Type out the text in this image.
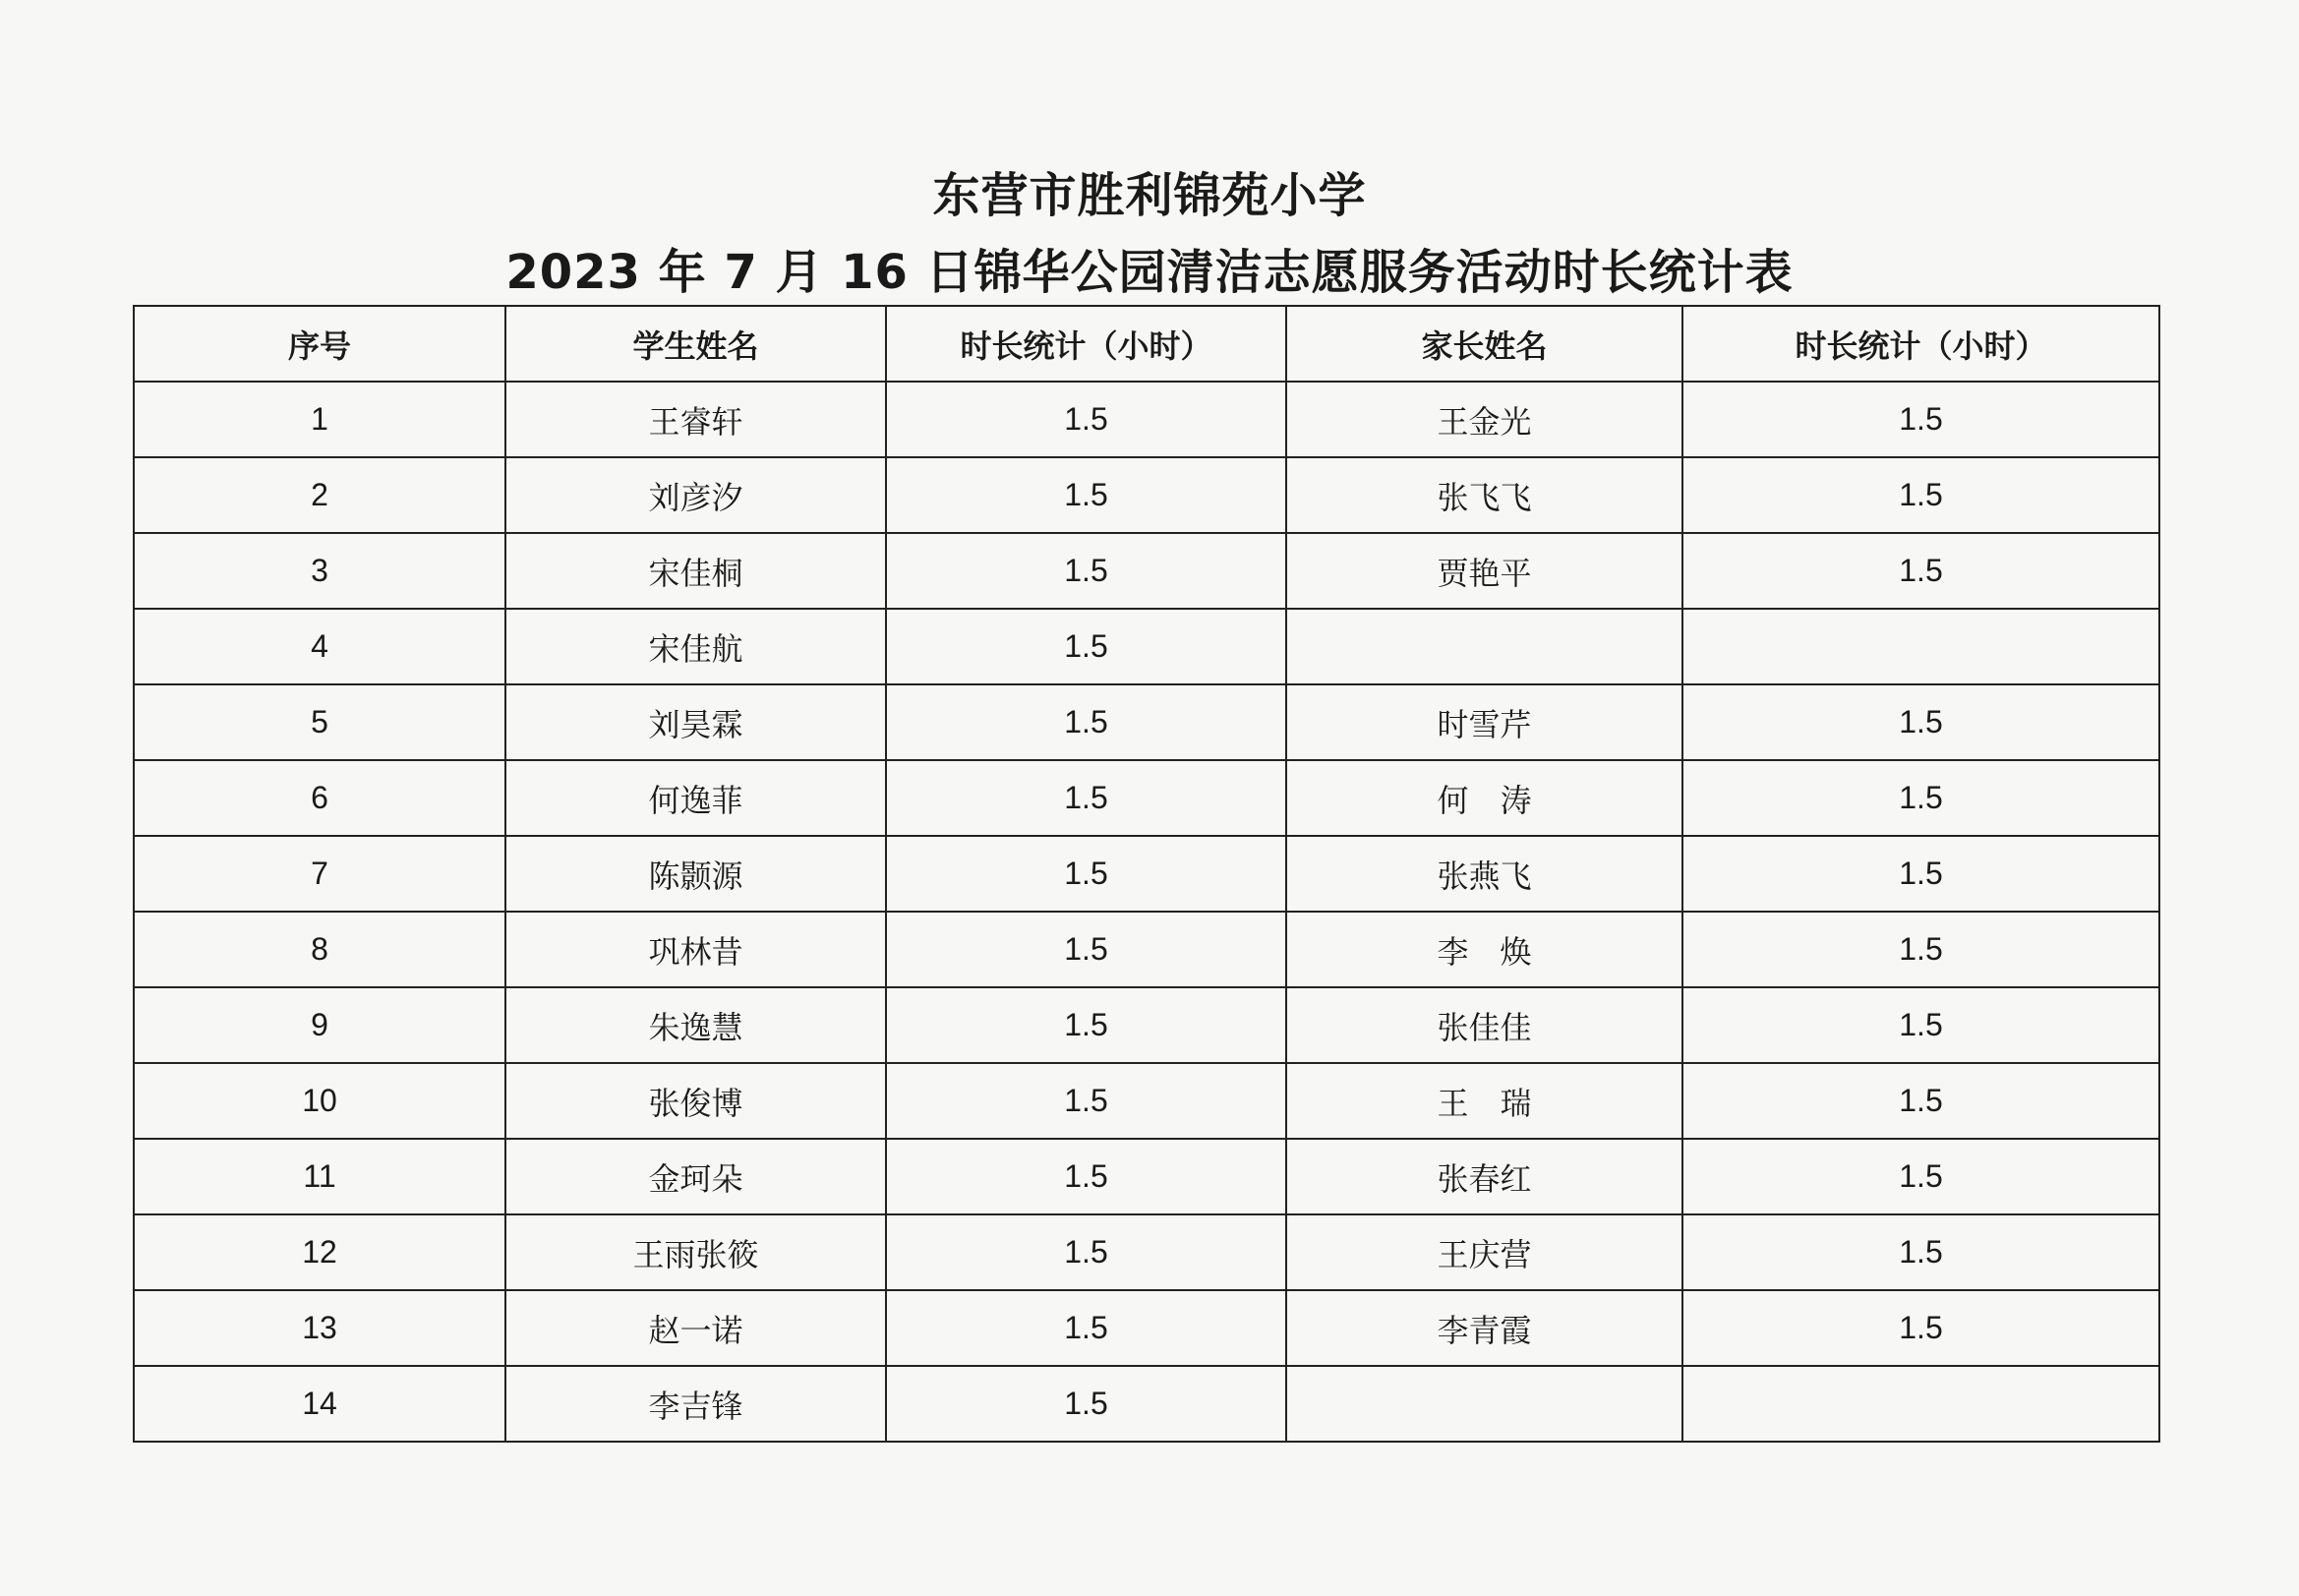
东营市胜利锦苑小学
2023 年 7 月 16 日锦华公园清洁志愿服务活动时长统计表
序号	学生姓名	时长统计（小时）	家长姓名	时长统计（小时）
1	王睿轩	1.5	王金光	1.5
2	刘彦汐	1.5	张飞飞	1.5
3	宋佳桐	1.5	贾艳平	1.5
4	宋佳航	1.5		
5	刘昊霖	1.5	时雪芹	1.5
6	何逸菲	1.5	何　涛	1.5
7	陈颢源	1.5	张燕飞	1.5
8	巩林昔	1.5	李　焕	1.5
9	朱逸慧	1.5	张佳佳	1.5
10	张俊博	1.5	王　瑞	1.5
11	金珂朵	1.5	张春红	1.5
12	王雨张筱	1.5	王庆营	1.5
13	赵一诺	1.5	李青霞	1.5
14	李吉锋	1.5		
